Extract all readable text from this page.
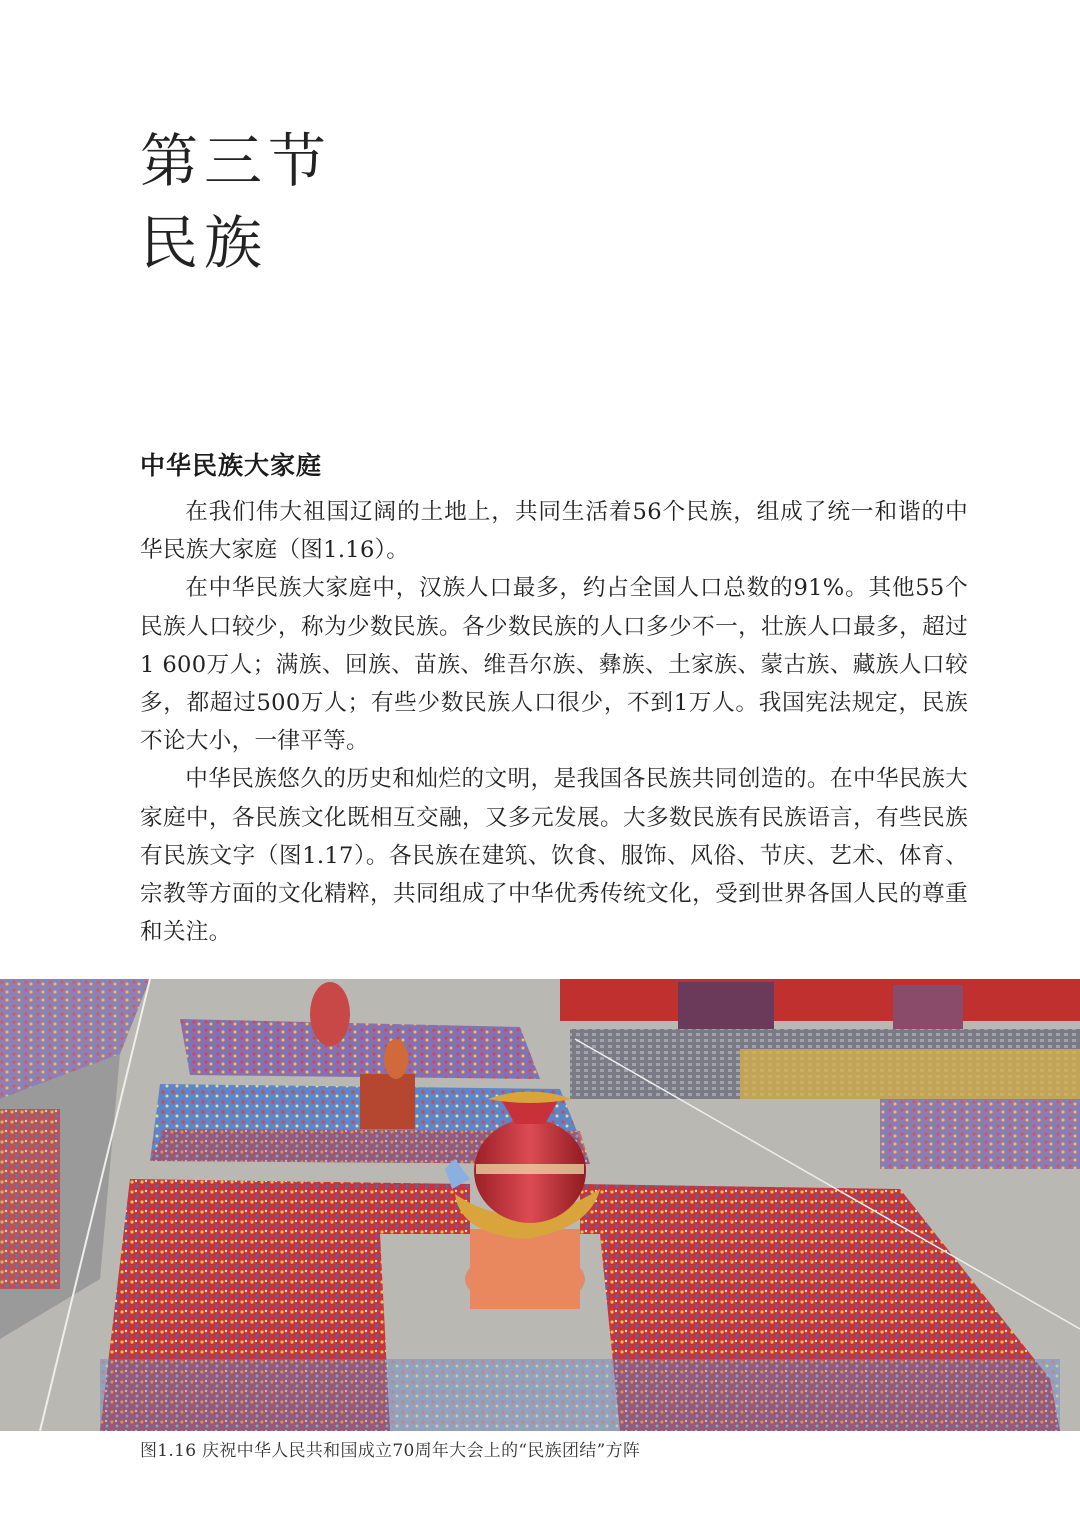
第三节
民族
中华民族大家庭

在我们伟大祖国辽阔的土地上，共同生活着56个民族，组成了统一和谐的中华民族大家庭（图1.16）。

在中华民族大家庭中，汉族人口最多，约占全国人口总数的91%。其他55个民族人口较少，称为少数民族。各少数民族的人口多少不一，壮族人口最多，超过1 600万人；满族、回族、苗族、维吾尔族、彝族、土家族、蒙古族、藏族人口较多，都超过500万人；有些少数民族人口很少，不到1万人。我国宪法规定，民族不论大小，一律平等。

中华民族悠久的历史和灿烂的文明，是我国各民族共同创造的。在中华民族大家庭中，各民族文化既相互交融，又多元发展。大多数民族有民族语言，有些民族有民族文字（图1.17）。各民族在建筑、饮食、服饰、风俗、节庆、艺术、体育、宗教等方面的文化精粹，共同组成了中华优秀传统文化，受到世界各国人民的尊重和关注。

图1.16 庆祝中华人民共和国成立70周年大会上的“民族团结”方阵
